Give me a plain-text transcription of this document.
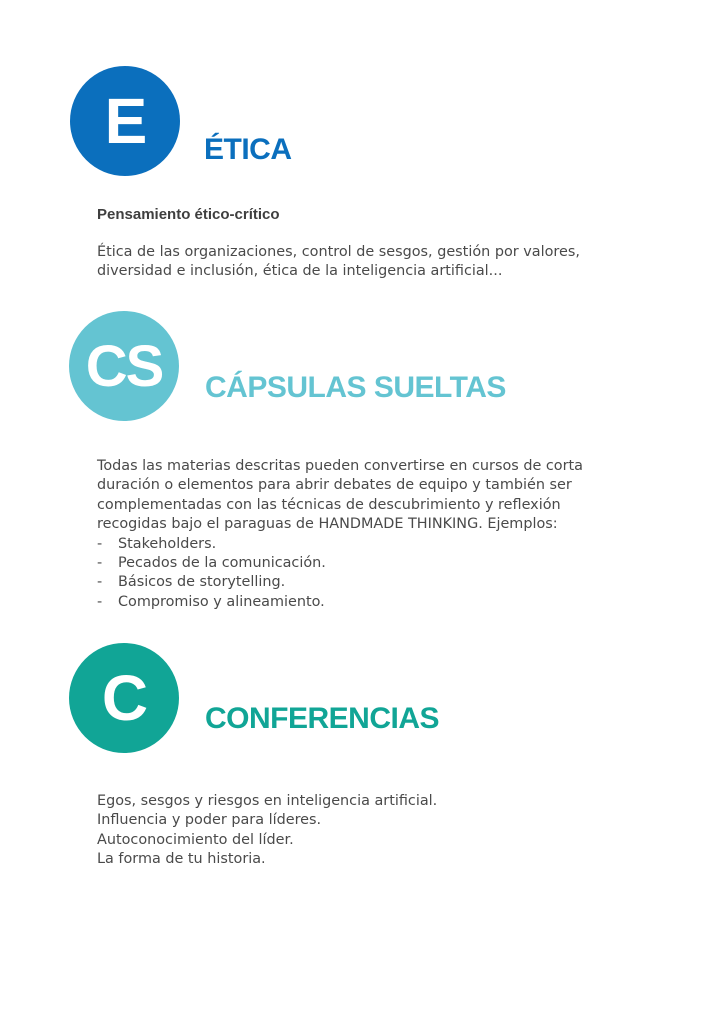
E ÉTICA
Pensamiento ético-crítico

Ética de las organizaciones, control de sesgos, gestión por valores,

diversidad e inclusión, ética de la inteligencia artificial...

CS CÁPSULAS SUELTAS

Todas las materias descritas pueden convertirse en cursos de corta

duración o elementos para abrir debates de equipo y también ser

complementadas con las técnicas de descubrimiento y reflexión

recogidas bajo el paraguas de HANDMADE THINKING. Ejemplos:

- Stakeholders.
- Pecados de la comunicación.
- Básicos de storytelling.
- Compromiso y alineamiento.
C CONFERENCIAS

Egos, sesgos y riesgos en inteligencia artificial.

Influencia y poder para líderes.

Autoconocimiento del líder.

La forma de tu historia.
